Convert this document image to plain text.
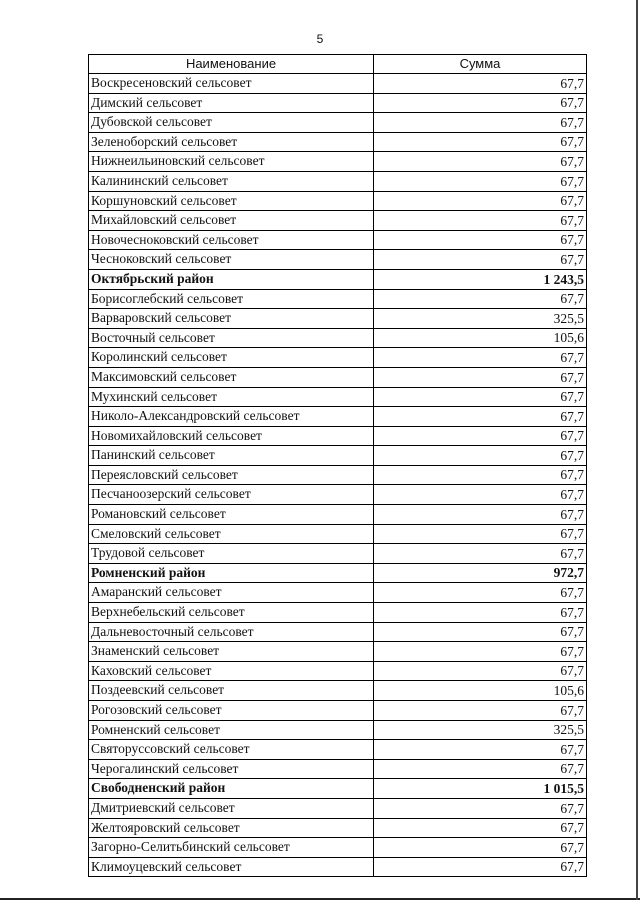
5
Наименование	Сумма
Воскресеновский сельсовет	67,7
Димский сельсовет	67,7
Дубовской сельсовет	67,7
Зеленоборский сельсовет	67,7
Нижнеильиновский сельсовет	67,7
Калининский сельсовет	67,7
Коршуновский сельсовет	67,7
Михайловский сельсовет	67,7
Новочесноковский сельсовет	67,7
Чесноковский сельсовет	67,7
Октябрьский район	1 243,5
Борисоглебский сельсовет	67,7
Варваровский сельсовет	325,5
Восточный сельсовет	105,6
Королинский сельсовет	67,7
Максимовский сельсовет	67,7
Мухинский сельсовет	67,7
Николо-Александровский сельсовет	67,7
Новомихайловский сельсовет	67,7
Панинский сельсовет	67,7
Переясловский сельсовет	67,7
Песчаноозерский сельсовет	67,7
Романовский сельсовет	67,7
Смеловский сельсовет	67,7
Трудовой сельсовет	67,7
Ромненский район	972,7
Амаранский сельсовет	67,7
Верхнебельский сельсовет	67,7
Дальневосточный сельсовет	67,7
Знаменский сельсовет	67,7
Каховский сельсовет	67,7
Поздеевский сельсовет	105,6
Рогозовский сельсовет	67,7
Ромненский сельсовет	325,5
Святоруссовский сельсовет	67,7
Черогалинский сельсовет	67,7
Свободненский район	1 015,5
Дмитриевский сельсовет	67,7
Желтояровский сельсовет	67,7
Загорно-Селитьбинский сельсовет	67,7
Климоуцевский сельсовет	67,7
